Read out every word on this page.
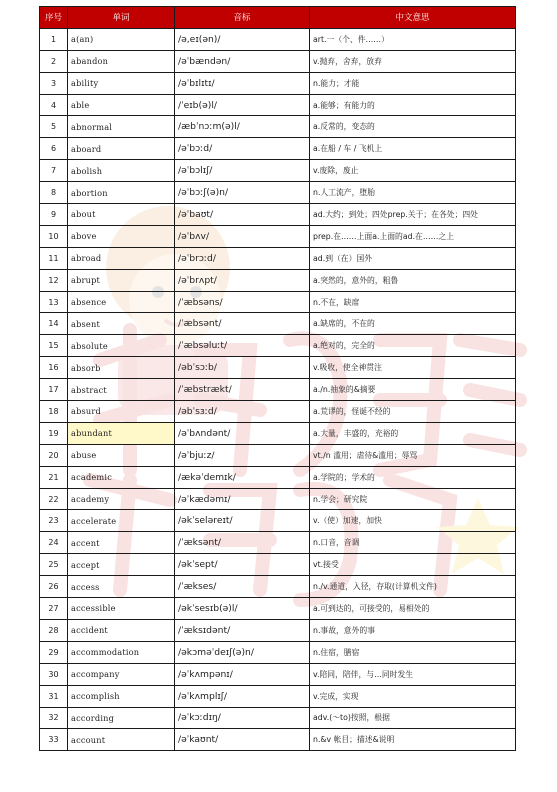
序号	单词	音标	中文意思
1	a(an)	/ə,eɪ(ən)/	art.一（个、件……）
2	abandon	/əˈbændən/	v.抛弃，舍弃，放弃
3	ability	/əˈbɪlɪtɪ/	n.能力；才能
4	able	/ˈeɪb(ə)l/	a.能够；有能力的
5	abnormal	/æbˈnɔːm(ə)l/	a.反常的，变态的
6	aboard	/əˈbɔːd/	a.在船 / 车 / 飞机上
7	abolish	/əˈbɔlɪʃ/	v.废除，废止
8	abortion	/əˈbɔːʃ(ə)n/	n.人工流产，堕胎
9	about	/əˈbaʊt/	ad.大约；到处；四处prep.关于；在各处；四处
10	above	/əˈbʌv/	prep.在……上面a.上面的ad.在……之上
11	abroad	/əˈbrɔːd/	ad.到（在）国外
12	abrupt	/əˈbrʌpt/	a.突然的，意外的，粗鲁
13	absence	/ˈæbsəns/	n.不在，缺席
14	absent	/ˈæbsənt/	a.缺席的，不在的
15	absolute	/ˈæbsəluːt/	a.绝对的，完全的
16	absorb	/əbˈsɔːb/	v.吸收，使全神贯注
17	abstract	/ˈæbstrækt/	a./n.抽象的&摘要
18	absurd	/əbˈsɜːd/	a.荒谬的，怪诞不经的
19	abundant	/əˈbʌndənt/	a.大量，丰盛的，充裕的
20	abuse	/əˈbjuːz/	vt./n 滥用；虐待&滥用；辱骂
21	academic	/ækəˈdemɪk/	a.学院的；学术的
22	academy	/əˈkædəmɪ/	n.学会；研究院
23	accelerate	/əkˈseləreɪt/	v.（使）加速，加快
24	accent	/ˈæksənt/	n.口音，音调
25	accept	/əkˈsept/	vt.接受
26	access	/ˈækses/	n./v.通道，入径，存取(计算机文件)
27	accessible	/əkˈsesɪb(ə)l/	a.可到达的，可接受的，易相处的
28	accident	/ˈæksɪdənt/	n.事故，意外的事
29	accommodation	/əkɔməˈdeɪʃ(ə)n/	n.住宿，膳宿
30	accompany	/əˈkʌmpənɪ/	v.陪同，陪伴，与…同时发生
31	accomplish	/əˈkʌmplɪʃ/	v.完成，实现
32	according	/əˈkɔːdɪŋ/	adv.(～to)按照，根据
33	account	/əˈkaʊnt/	n.&v 帐目；描述&说明
